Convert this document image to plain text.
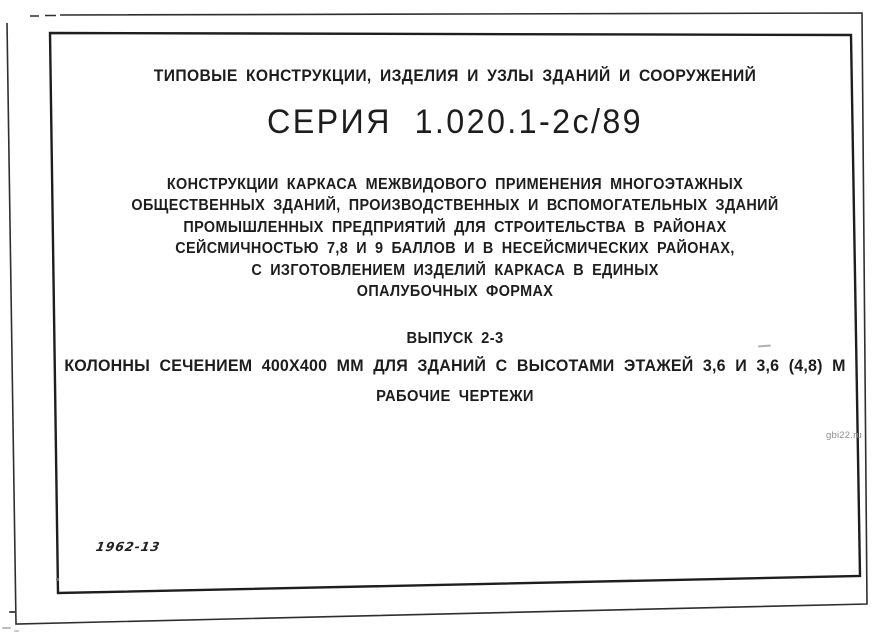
ТИПОВЫЕ КОНСТРУКЦИИ, ИЗДЕЛИЯ И УЗЛЫ ЗДАНИЙ И СООРУЖЕНИЙ
СЕРИЯ 1.020.1-2с/89
КОНСТРУКЦИИ КАРКАСА МЕЖВИДОВОГО ПРИМЕНЕНИЯ МНОГОЭТАЖНЫХ
ОБЩЕСТВЕННЫХ ЗДАНИЙ, ПРОИЗВОДСТВЕННЫХ И ВСПОМОГАТЕЛЬНЫХ ЗДАНИЙ
ПРОМЫШЛЕННЫХ ПРЕДПРИЯТИЙ ДЛЯ СТРОИТЕЛЬСТВА В РАЙОНАХ
СЕЙСМИЧНОСТЬЮ 7,8 И 9 БАЛЛОВ И В НЕСЕЙСМИЧЕСКИХ РАЙОНАХ,
С ИЗГОТОВЛЕНИЕМ ИЗДЕЛИЙ КАРКАСА В ЕДИНЫХ
ОПАЛУБОЧНЫХ ФОРМАХ
ВЫПУСК 2-3
КОЛОННЫ СЕЧЕНИЕМ 400Х400 ММ ДЛЯ ЗДАНИЙ С ВЫСОТАМИ ЭТАЖЕЙ 3,6 И 3,6 (4,8) М
РАБОЧИЕ ЧЕРТЕЖИ
1962-13
gbi22.ru
